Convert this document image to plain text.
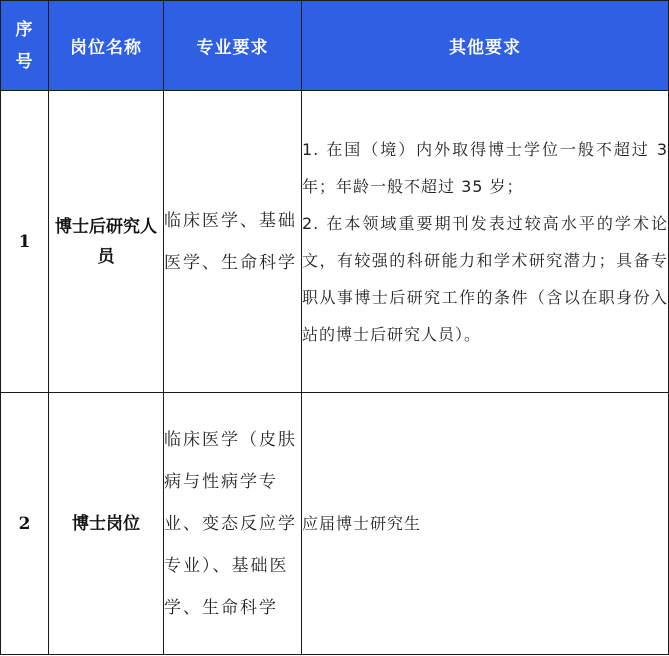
序
号	岗位名称	专业要求	其他要求
1	博士后研究人员	临床医学、基础医学、生命科学	1. 在国（境）内外取得博士学位一般不超过 3 年；年龄一般不超过 35 岁；

2. 在本领域重要期刊发表过较高水平的学术论文，有较强的科研能力和学术研究潜力；具备专职从事博士后研究工作的条件（含以在职身份入站的博士后研究人员）。

2	博士岗位	临床医学（皮肤病与性病学专业、变态反应学专业）、基础医学、生命科学	应届博士研究生
